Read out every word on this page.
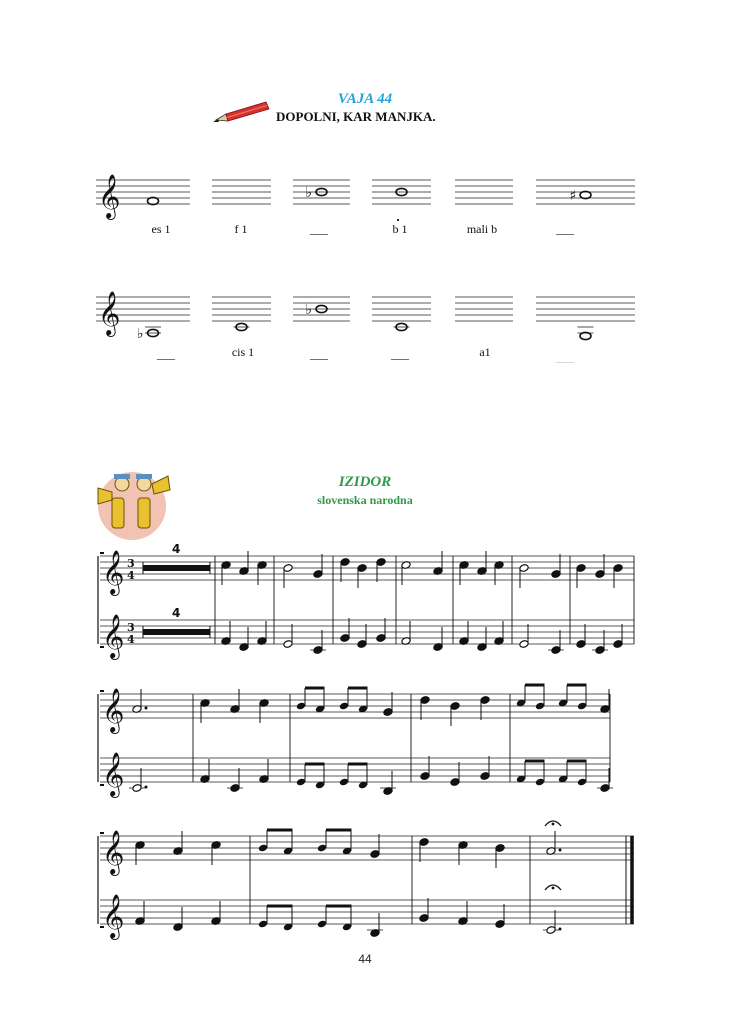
VAJA 44
DOPOLNI, KAR MANJKA.
es 1	f 1	___	b 1	mali b	___
___	cis 1	___	___	a1	___
IZIDOR
slovenska narodna
𝄞	♭	♯
𝄞 ♭
♭
𝄞
𝄞
3
4
4
3
4
4
𝄞
𝄞
𝄞
𝄞
44
